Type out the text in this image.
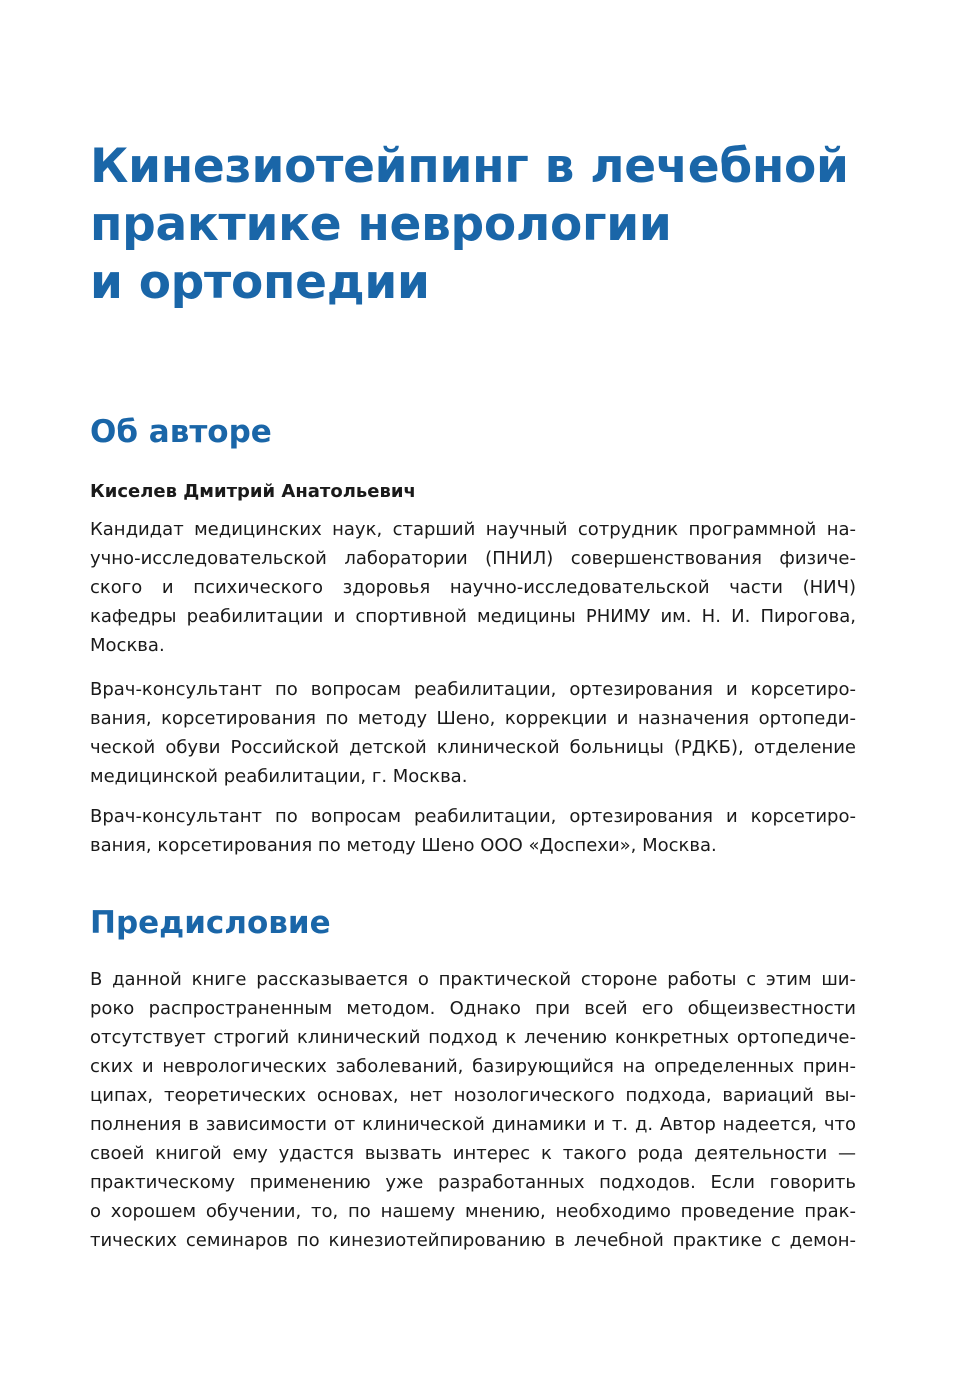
Кинезиотейпинг в лечебной
практике неврологии
и ортопедии
Об авторе

Киселев Дмитрий Анатольевич

Кандидат медицинских наук, старший научный сотрудник программной на-
учно-исследовательской лаборатории (ПНИЛ) совершенствования физиче-
ского и психического здоровья научно-исследовательской части (НИЧ)
кафедры реабилитации и спортивной медицины РНИМУ им. Н. И. Пирогова,
Москва.

Врач-консультант по вопросам реабилитации, ортезирования и корсетиро-
вания, корсетирования по методу Шено, коррекции и назначения ортопеди-
ческой обуви Российской детской клинической больницы (РДКБ), отделение
медицинской реабилитации, г. Москва.

Врач-консультант по вопросам реабилитации, ортезирования и корсетиро-
вания, корсетирования по методу Шено ООО «Доспехи», Москва.

Предисловие

В данной книге рассказывается о практической стороне работы с этим ши-
роко распространенным методом. Однако при всей его общеизвестности
отсутствует строгий клинический подход к лечению конкретных ортопедиче-
ских и неврологических заболеваний, базирующийся на определенных прин-
ципах, теоретических основах, нет нозологического подхода, вариаций вы-
полнения в зависимости от клинической динамики и т. д. Автор надеется, что
своей книгой ему удастся вызвать интерес к такого рода деятельности —
практическому применению уже разработанных подходов. Если говорить
о хорошем обучении, то, по нашему мнению, необходимо проведение прак-
тических семинаров по кинезиотейпированию в лечебной практике с демон-
